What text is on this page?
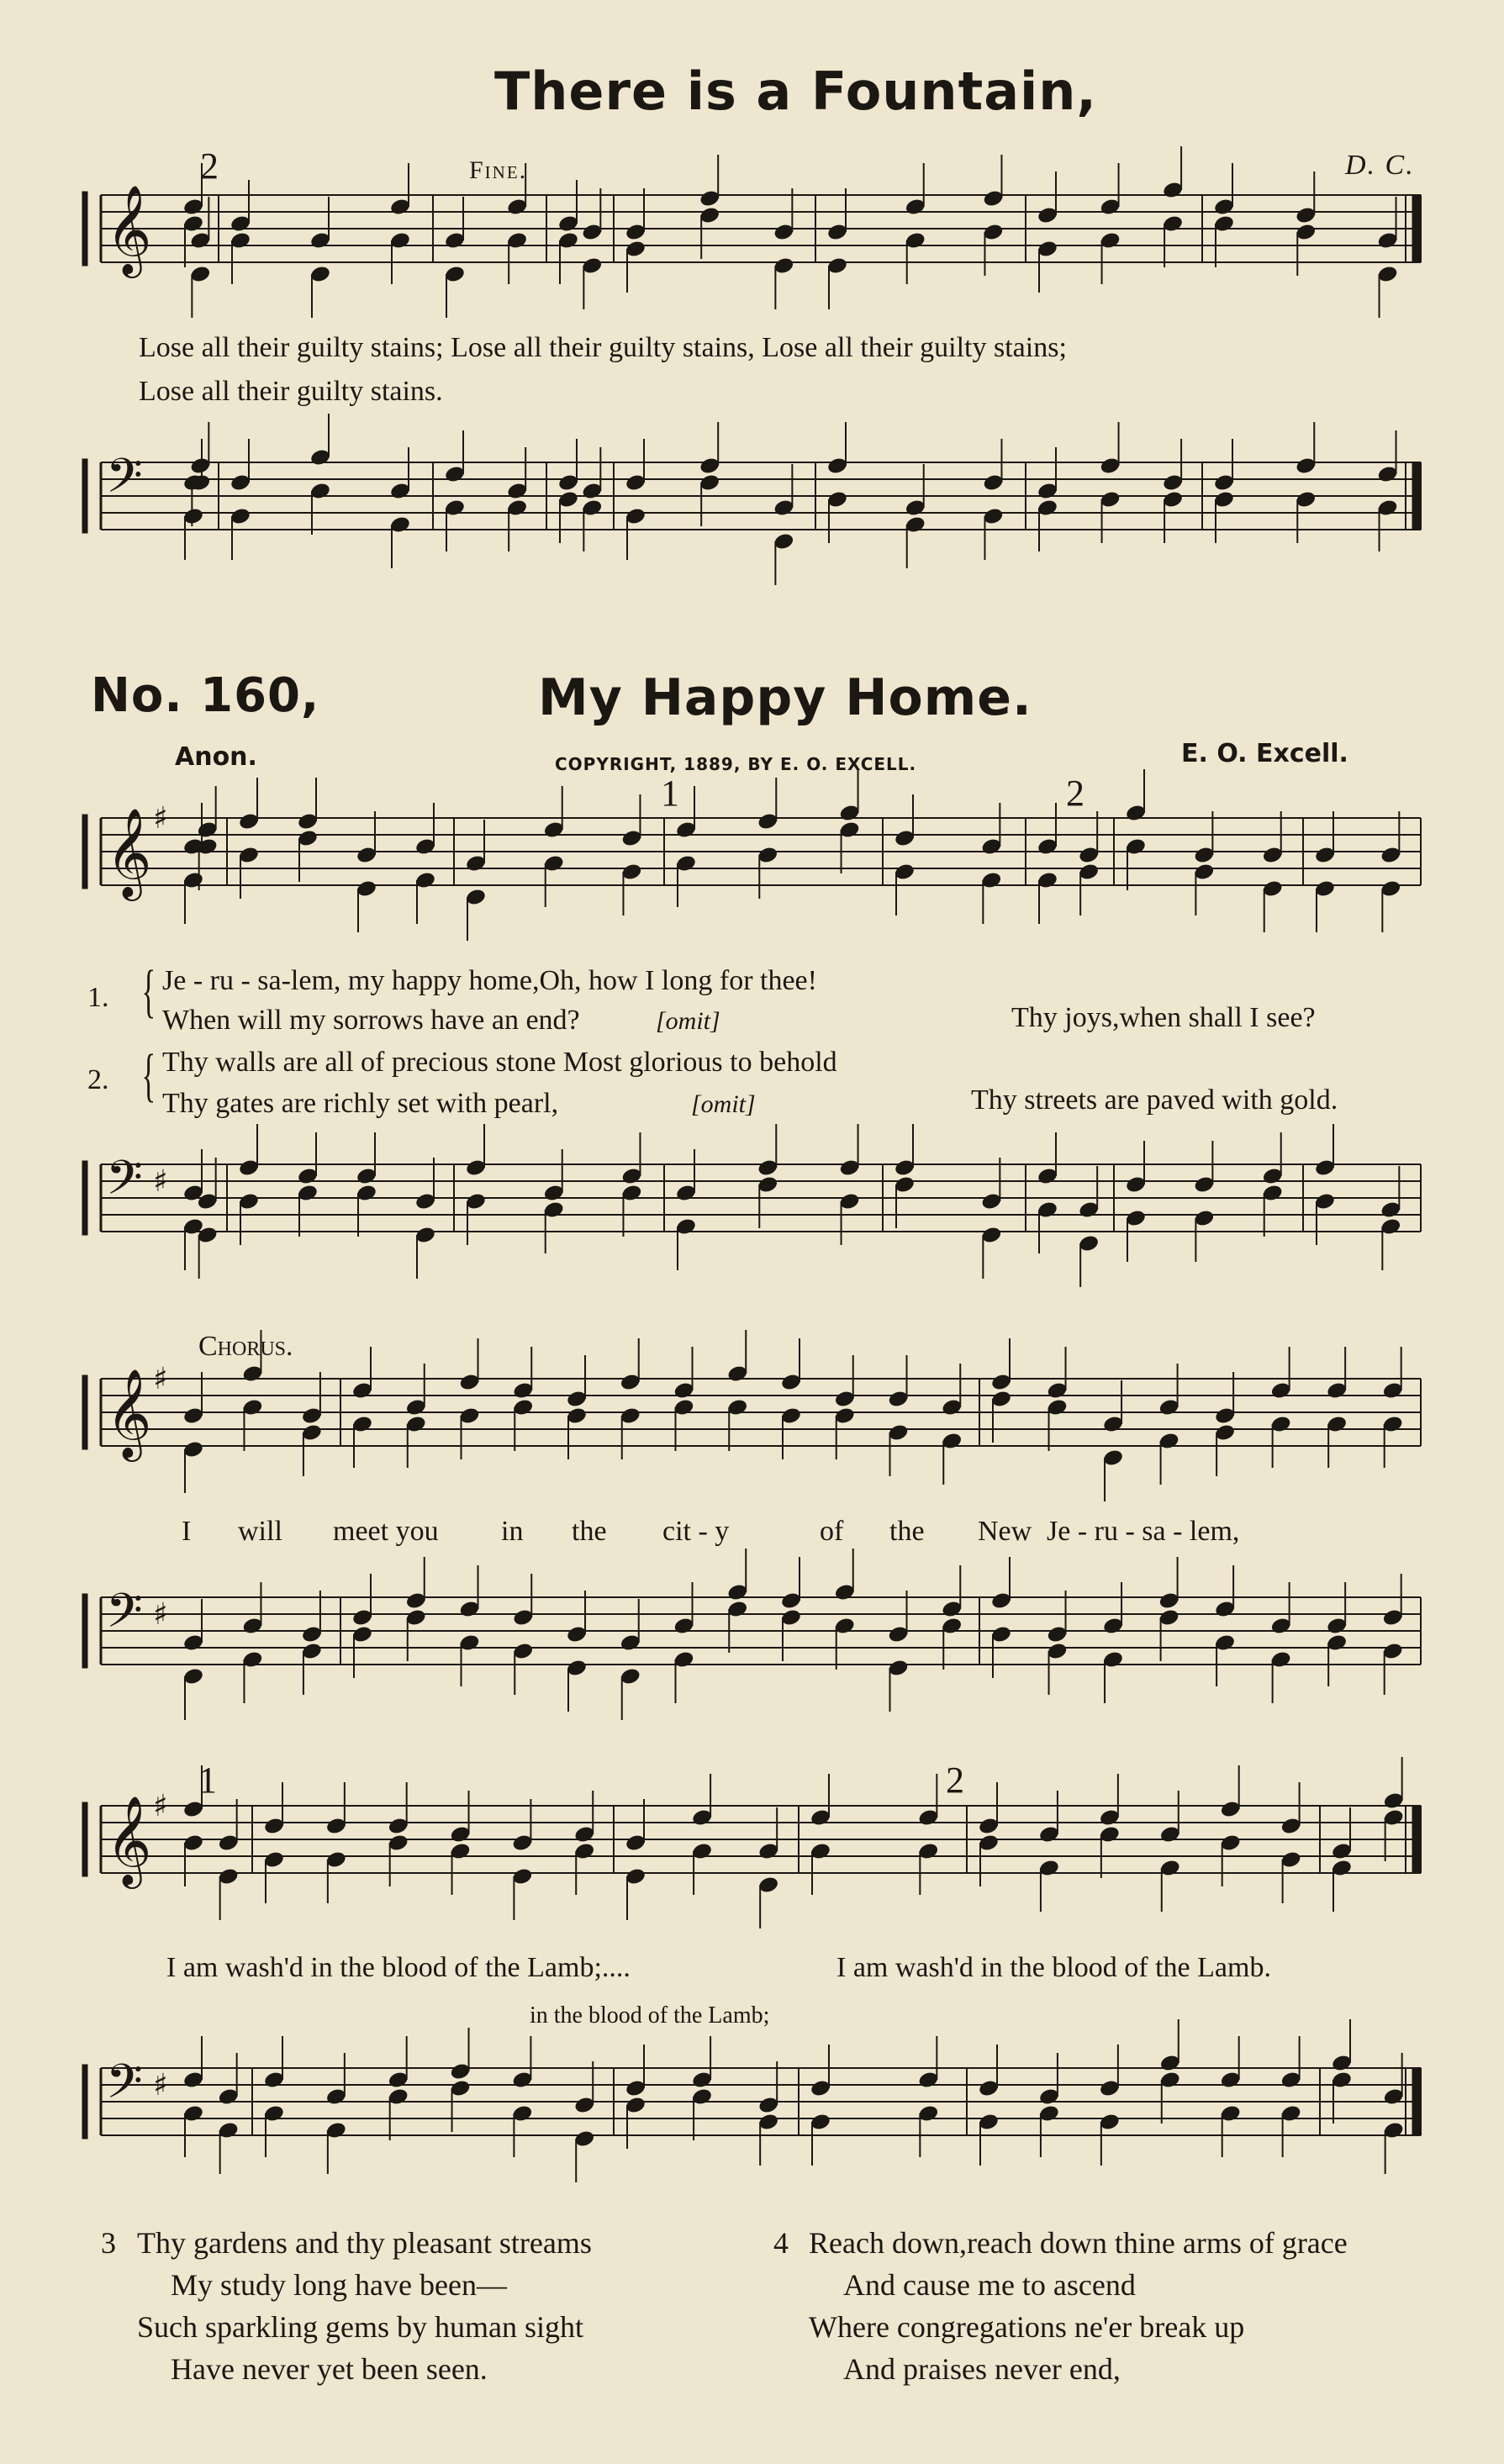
There is a Fountain,
Fine.	D. C.
2
𝄞
Lose all their guilty stains; Lose all their guilty stains, Lose all their guilty stains;
Lose all their guilty stains.
𝄢
No. 160,	My Happy Home.
Anon.	COPYRIGHT, 1889, BY E. O. EXCELL.	E. O. Excell.
1	2
𝄞 ♯
1. { Je - ru - sa-lem, my happy home,Oh, how I long for thee!
When will my sorrows have an end?	[omit]	Thy joys,when shall I see?
2. { Thy walls are all of precious stone Most glorious to behold
Thy gates are richly set with pearl,	[omit]	Thy streets are paved with gold.
𝄢 ♯
Chorus.
𝄞 ♯
I will meet you in the cit - y	of the New Je - ru - sa - lem,
𝄢 ♯
1	2
𝄞 ♯
I am wash'd in the blood of the Lamb;....	I am wash'd in the blood of the Lamb.
in the blood of the Lamb;
𝄢 ♯
3 Thy gardens and thy pleasant streams
My study long have been—
Such sparkling gems by human sight
Have never yet been seen.
4 Reach down,reach down thine arms of grace
And cause me to ascend
Where congregations ne'er break up
And praises never end,
